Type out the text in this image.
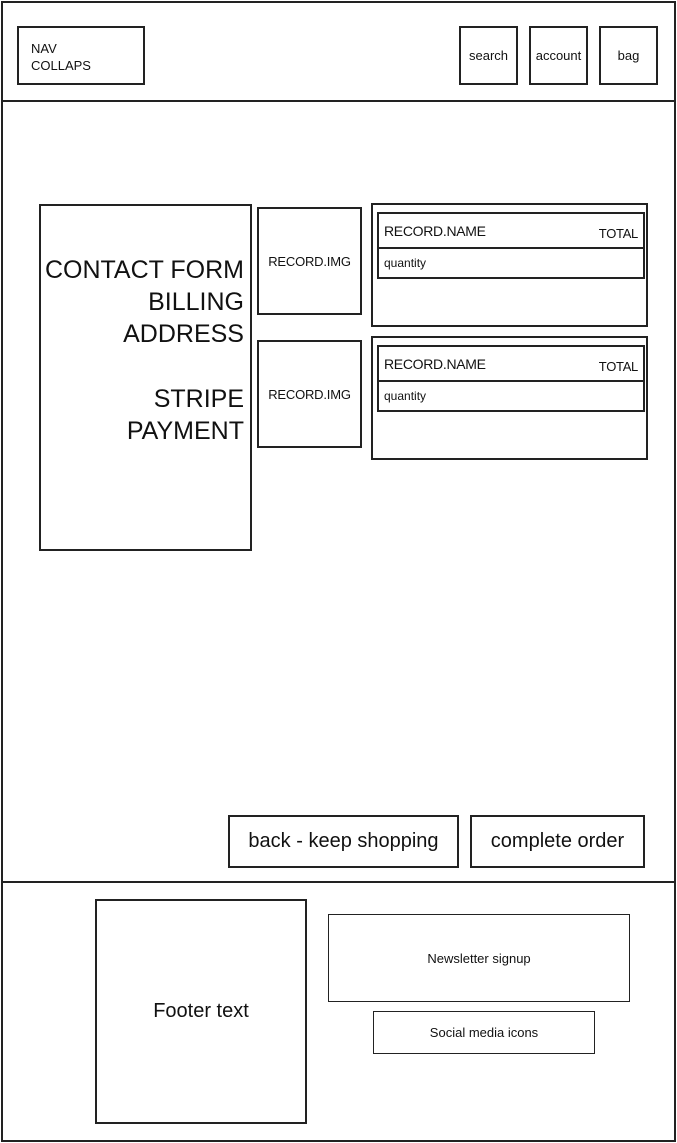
NAV
COLLAPS
search account	bag
CONTACT FORM
BILLING ADDRESS
STRIPE PAYMENT
RECORD.IMG
RECORD.NAME	TOTAL
quantity
RECORD.IMG
RECORD.NAME	TOTAL
quantity
back - keep shopping	complete order
Footer text
Newsletter signup
Social media icons
